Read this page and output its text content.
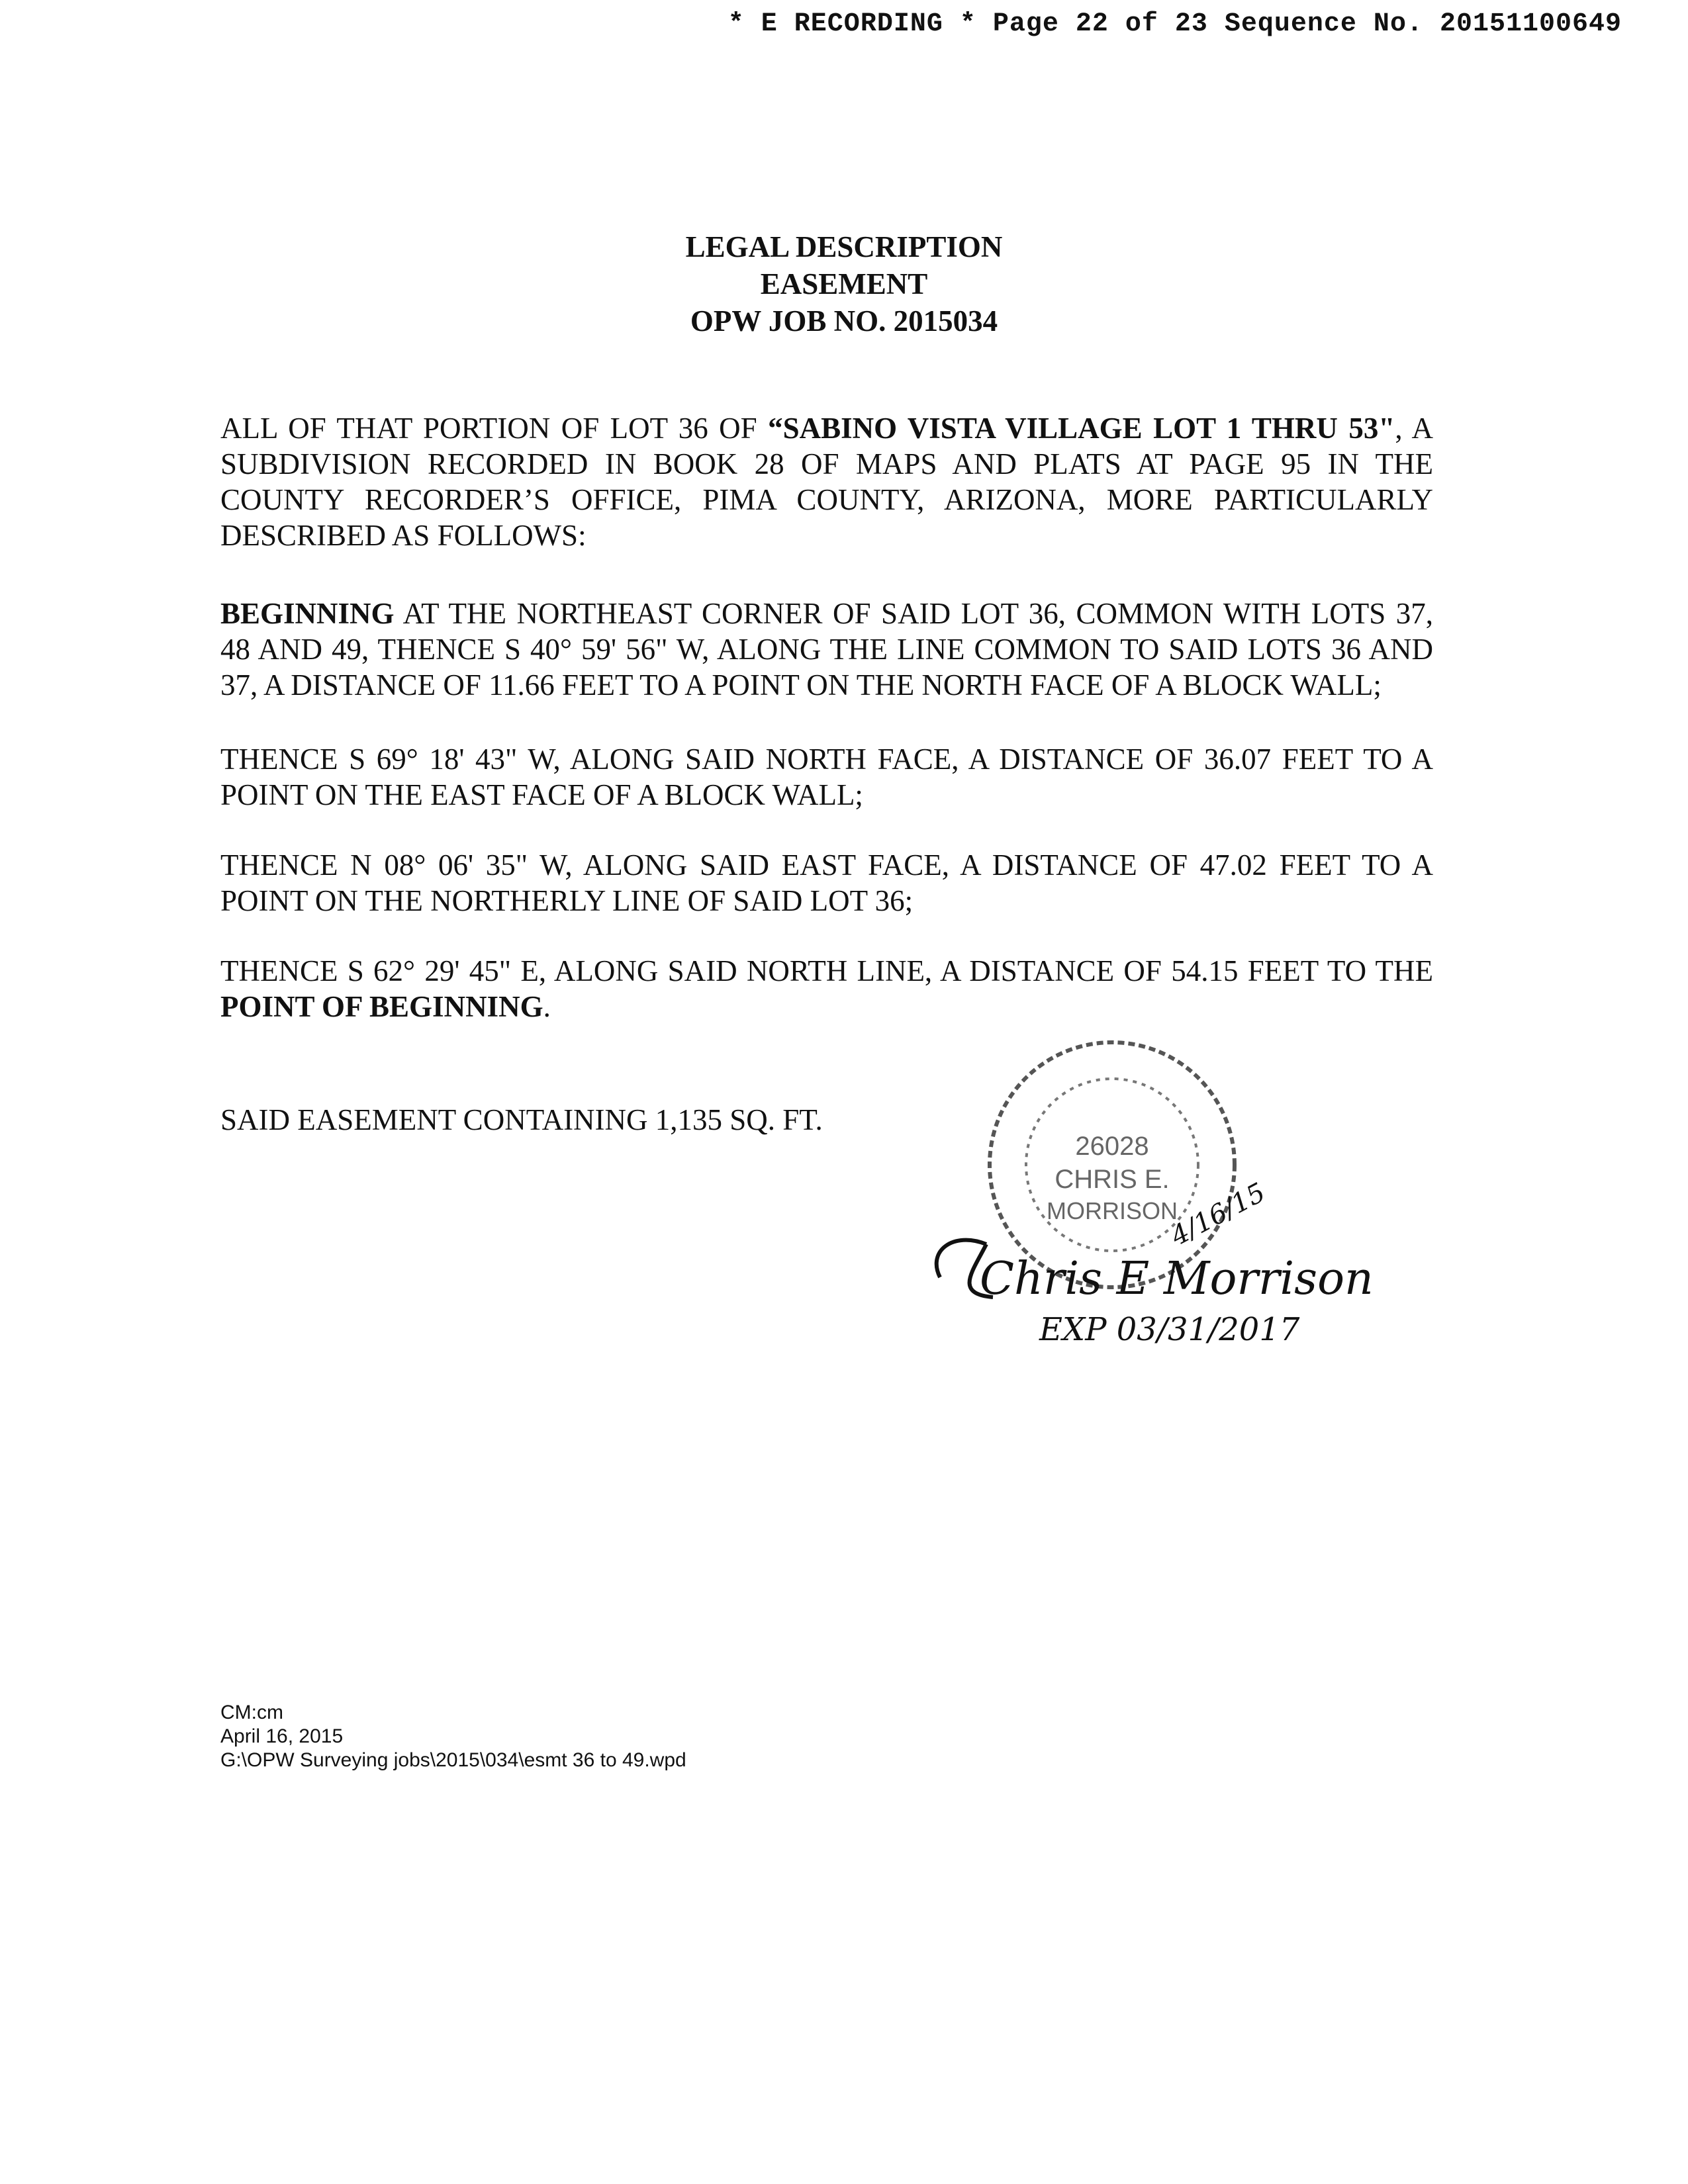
* E RECORDING * Page 22 of 23 Sequence No. 20151100649
LEGAL DESCRIPTION
EASEMENT
OPW JOB NO. 2015034
ALL OF THAT PORTION OF LOT 36 OF “SABINO VISTA VILLAGE LOT 1 THRU 53", A SUBDIVISION RECORDED IN BOOK 28 OF MAPS AND PLATS AT PAGE 95 IN THE COUNTY RECORDER’S OFFICE, PIMA COUNTY, ARIZONA, MORE PARTICULARLY DESCRIBED AS FOLLOWS:
BEGINNING AT THE NORTHEAST CORNER OF SAID LOT 36, COMMON WITH LOTS 37, 48 AND 49, THENCE S 40° 59' 56" W, ALONG THE LINE COMMON TO SAID LOTS 36 AND 37, A DISTANCE OF 11.66 FEET TO A POINT ON THE NORTH FACE OF A BLOCK WALL;
THENCE S 69° 18' 43" W, ALONG SAID NORTH FACE, A DISTANCE OF 36.07 FEET TO A POINT ON THE EAST FACE OF A BLOCK WALL;
THENCE N 08° 06' 35" W, ALONG SAID EAST FACE, A DISTANCE OF 47.02 FEET TO A POINT ON THE NORTHERLY LINE OF SAID LOT 36;
THENCE S 62° 29' 45" E, ALONG SAID NORTH LINE, A DISTANCE OF 54.15 FEET TO THE POINT OF BEGINNING.
SAID EASEMENT CONTAINING 1,135 SQ. FT.
26028
CHRIS E.
MORRISON
4/16/15
Chris E Morrison
EXP 03/31/2017
CM:cm
April 16, 2015
G:\OPW Surveying jobs\2015\034\esmt 36 to 49.wpd
